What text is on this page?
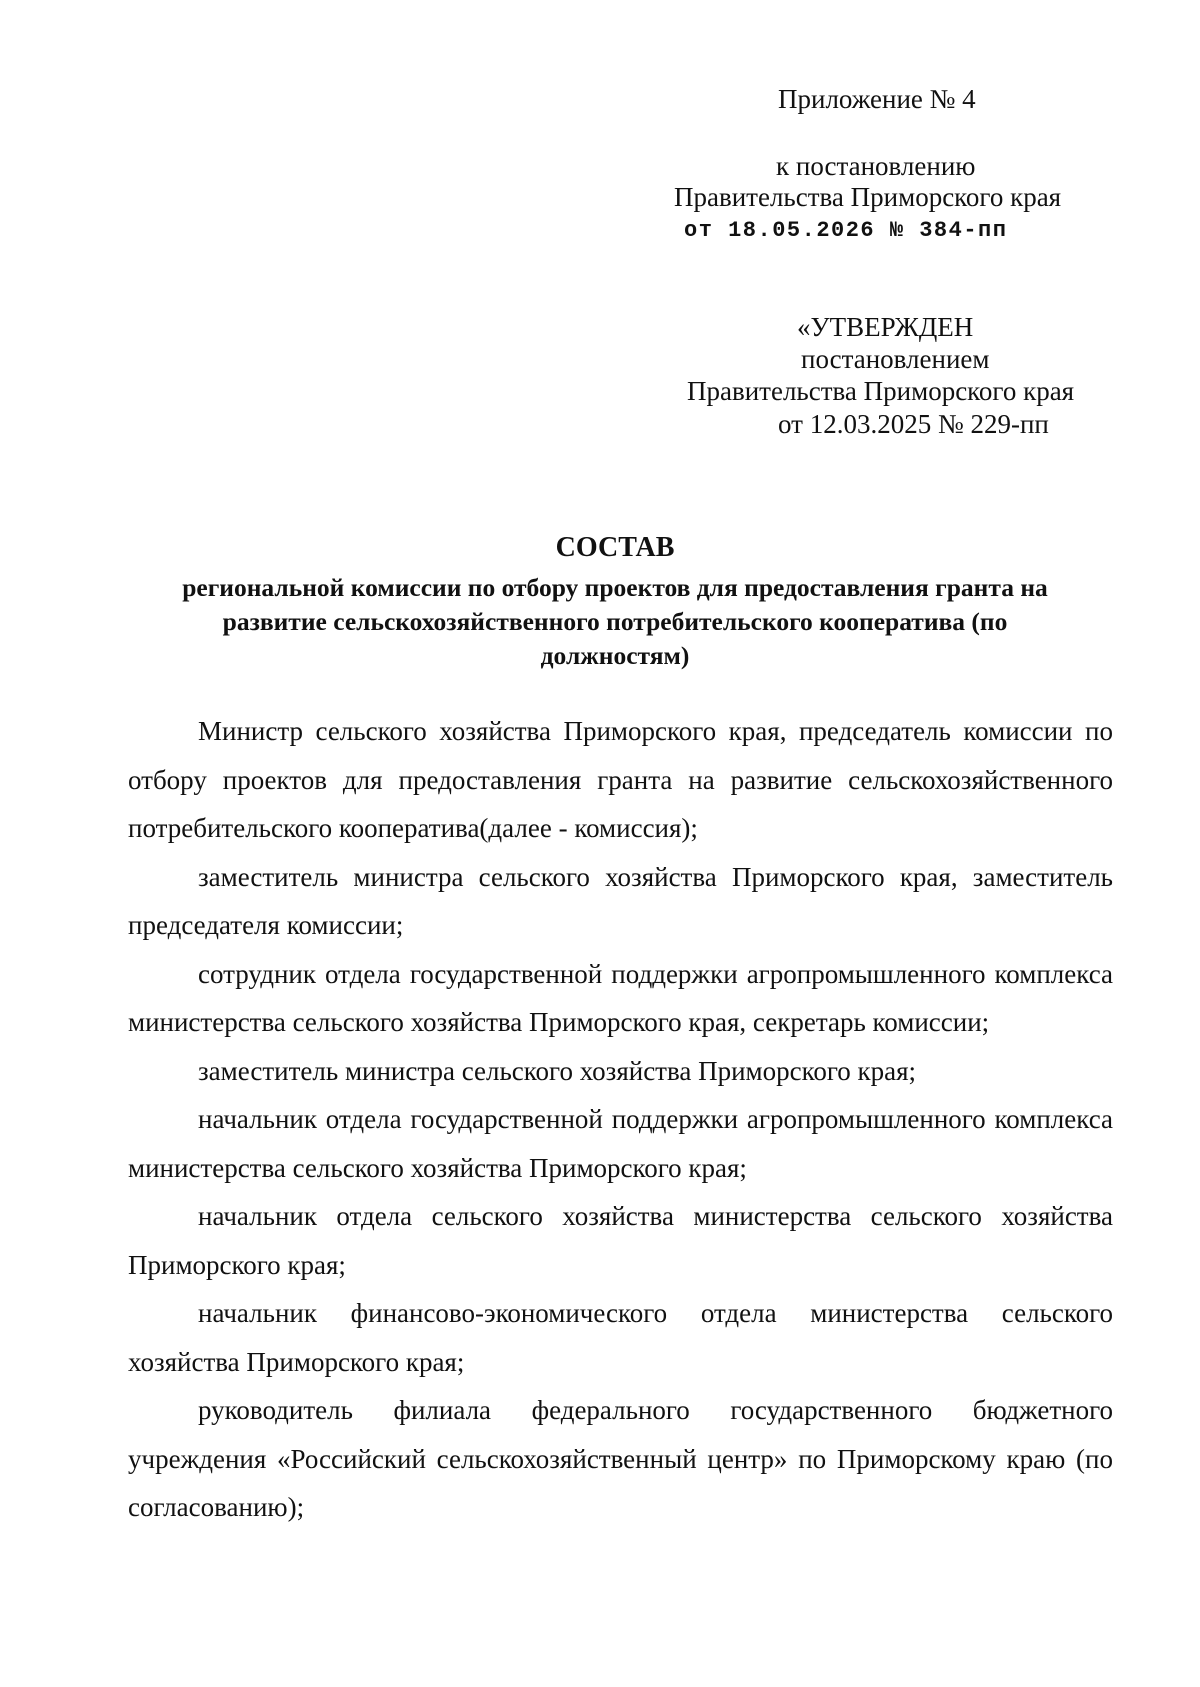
Приложение № 4
к постановлению
Правительства Приморского края
от 18.05.2026 № 384-пп
«УТВЕРЖДЕН
постановлением
Правительства Приморского края
от 12.03.2025 № 229-пп
СОСТАВ
региональной комиссии по отбору проектов для предоставления гранта на
развитие сельскохозяйственного потребительского кооператива (по
должностям)

Министр сельского хозяйства Приморского края, председатель комиссии по отбору проектов для предоставления гранта на развитие сельскохозяйственного потребительского кооператива(далее - комиссия);

заместитель министра сельского хозяйства Приморского края, заместитель председателя комиссии;

сотрудник отдела государственной поддержки агропромышленного комплекса министерства сельского хозяйства Приморского края, секретарь комиссии;

заместитель министра сельского хозяйства Приморского края;

начальник отдела государственной поддержки агропромышленного комплекса министерства сельского хозяйства Приморского края;

начальник отдела сельского хозяйства министерства сельского хозяйства Приморского края;

начальник финансово-экономического отдела министерства сельского хозяйства Приморского края;

руководитель филиала федерального государственного бюджетного учреждения «Российский сельскохозяйственный центр» по Приморскому краю (по согласованию);
